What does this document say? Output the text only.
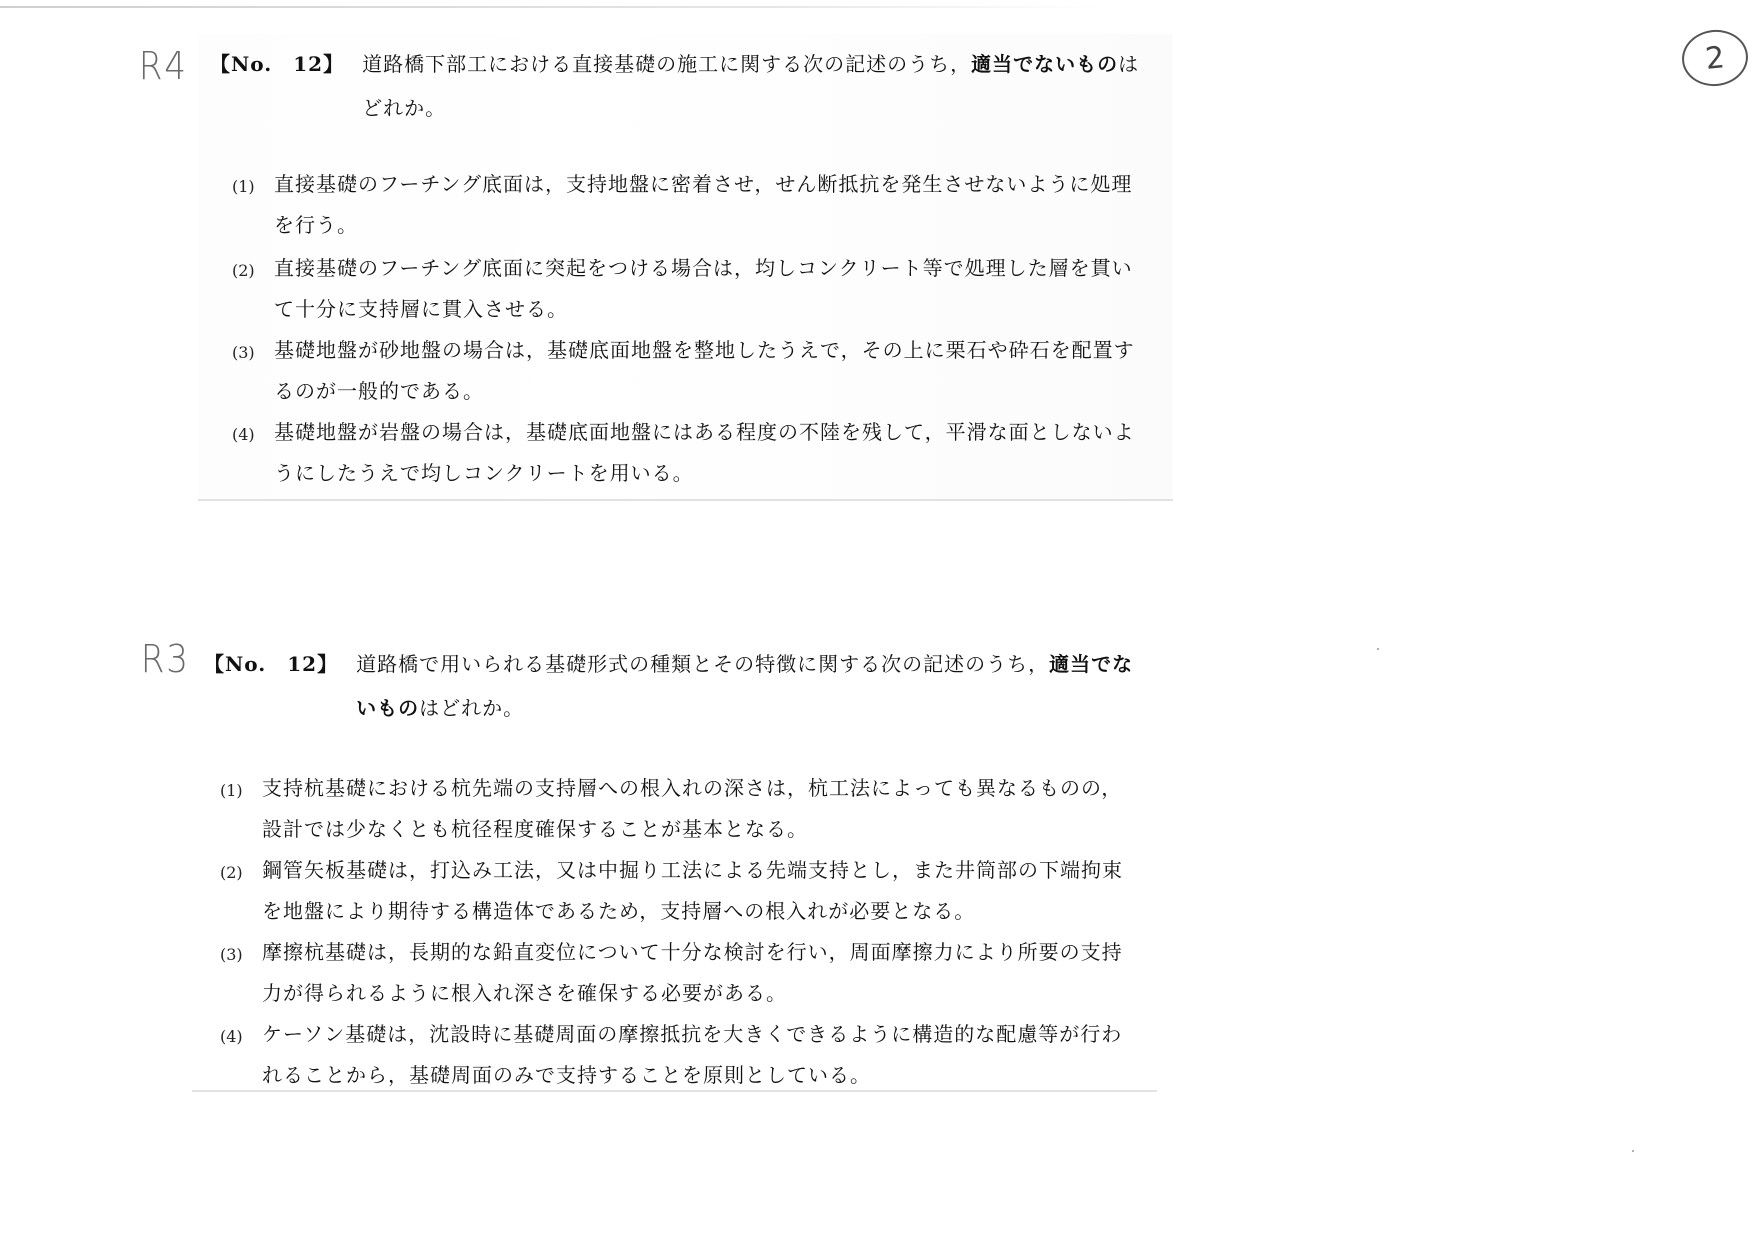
2
R4 【No.　12】 道路橋下部工における直接基礎の施工に関する次の記述のうち，適当でないものはどれか。
(1) 直接基礎のフーチング底面は，支持地盤に密着させ，せん断抵抗を発生させないように処理を行う。
(2) 直接基礎のフーチング底面に突起をつける場合は，均しコンクリート等で処理した層を貫いて十分に支持層に貫入させる。
(3) 基礎地盤が砂地盤の場合は，基礎底面地盤を整地したうえで，その上に栗石や砕石を配置するのが一般的である。
(4) 基礎地盤が岩盤の場合は，基礎底面地盤にはある程度の不陸を残して，平滑な面としないようにしたうえで均しコンクリートを用いる。
R3 【No.　12】 道路橋で用いられる基礎形式の種類とその特徴に関する次の記述のうち，適当でないものはどれか。
(1) 支持杭基礎における杭先端の支持層への根入れの深さは，杭工法によっても異なるものの，設計では少なくとも杭径程度確保することが基本となる。
(2) 鋼管矢板基礎は，打込み工法，又は中掘り工法による先端支持とし，また井筒部の下端拘束を地盤により期待する構造体であるため，支持層への根入れが必要となる。
(3) 摩擦杭基礎は，長期的な鉛直変位について十分な検討を行い，周面摩擦力により所要の支持力が得られるように根入れ深さを確保する必要がある。
(4) ケーソン基礎は，沈設時に基礎周面の摩擦抵抗を大きくできるように構造的な配慮等が行われることから，基礎周面のみで支持することを原則としている。
